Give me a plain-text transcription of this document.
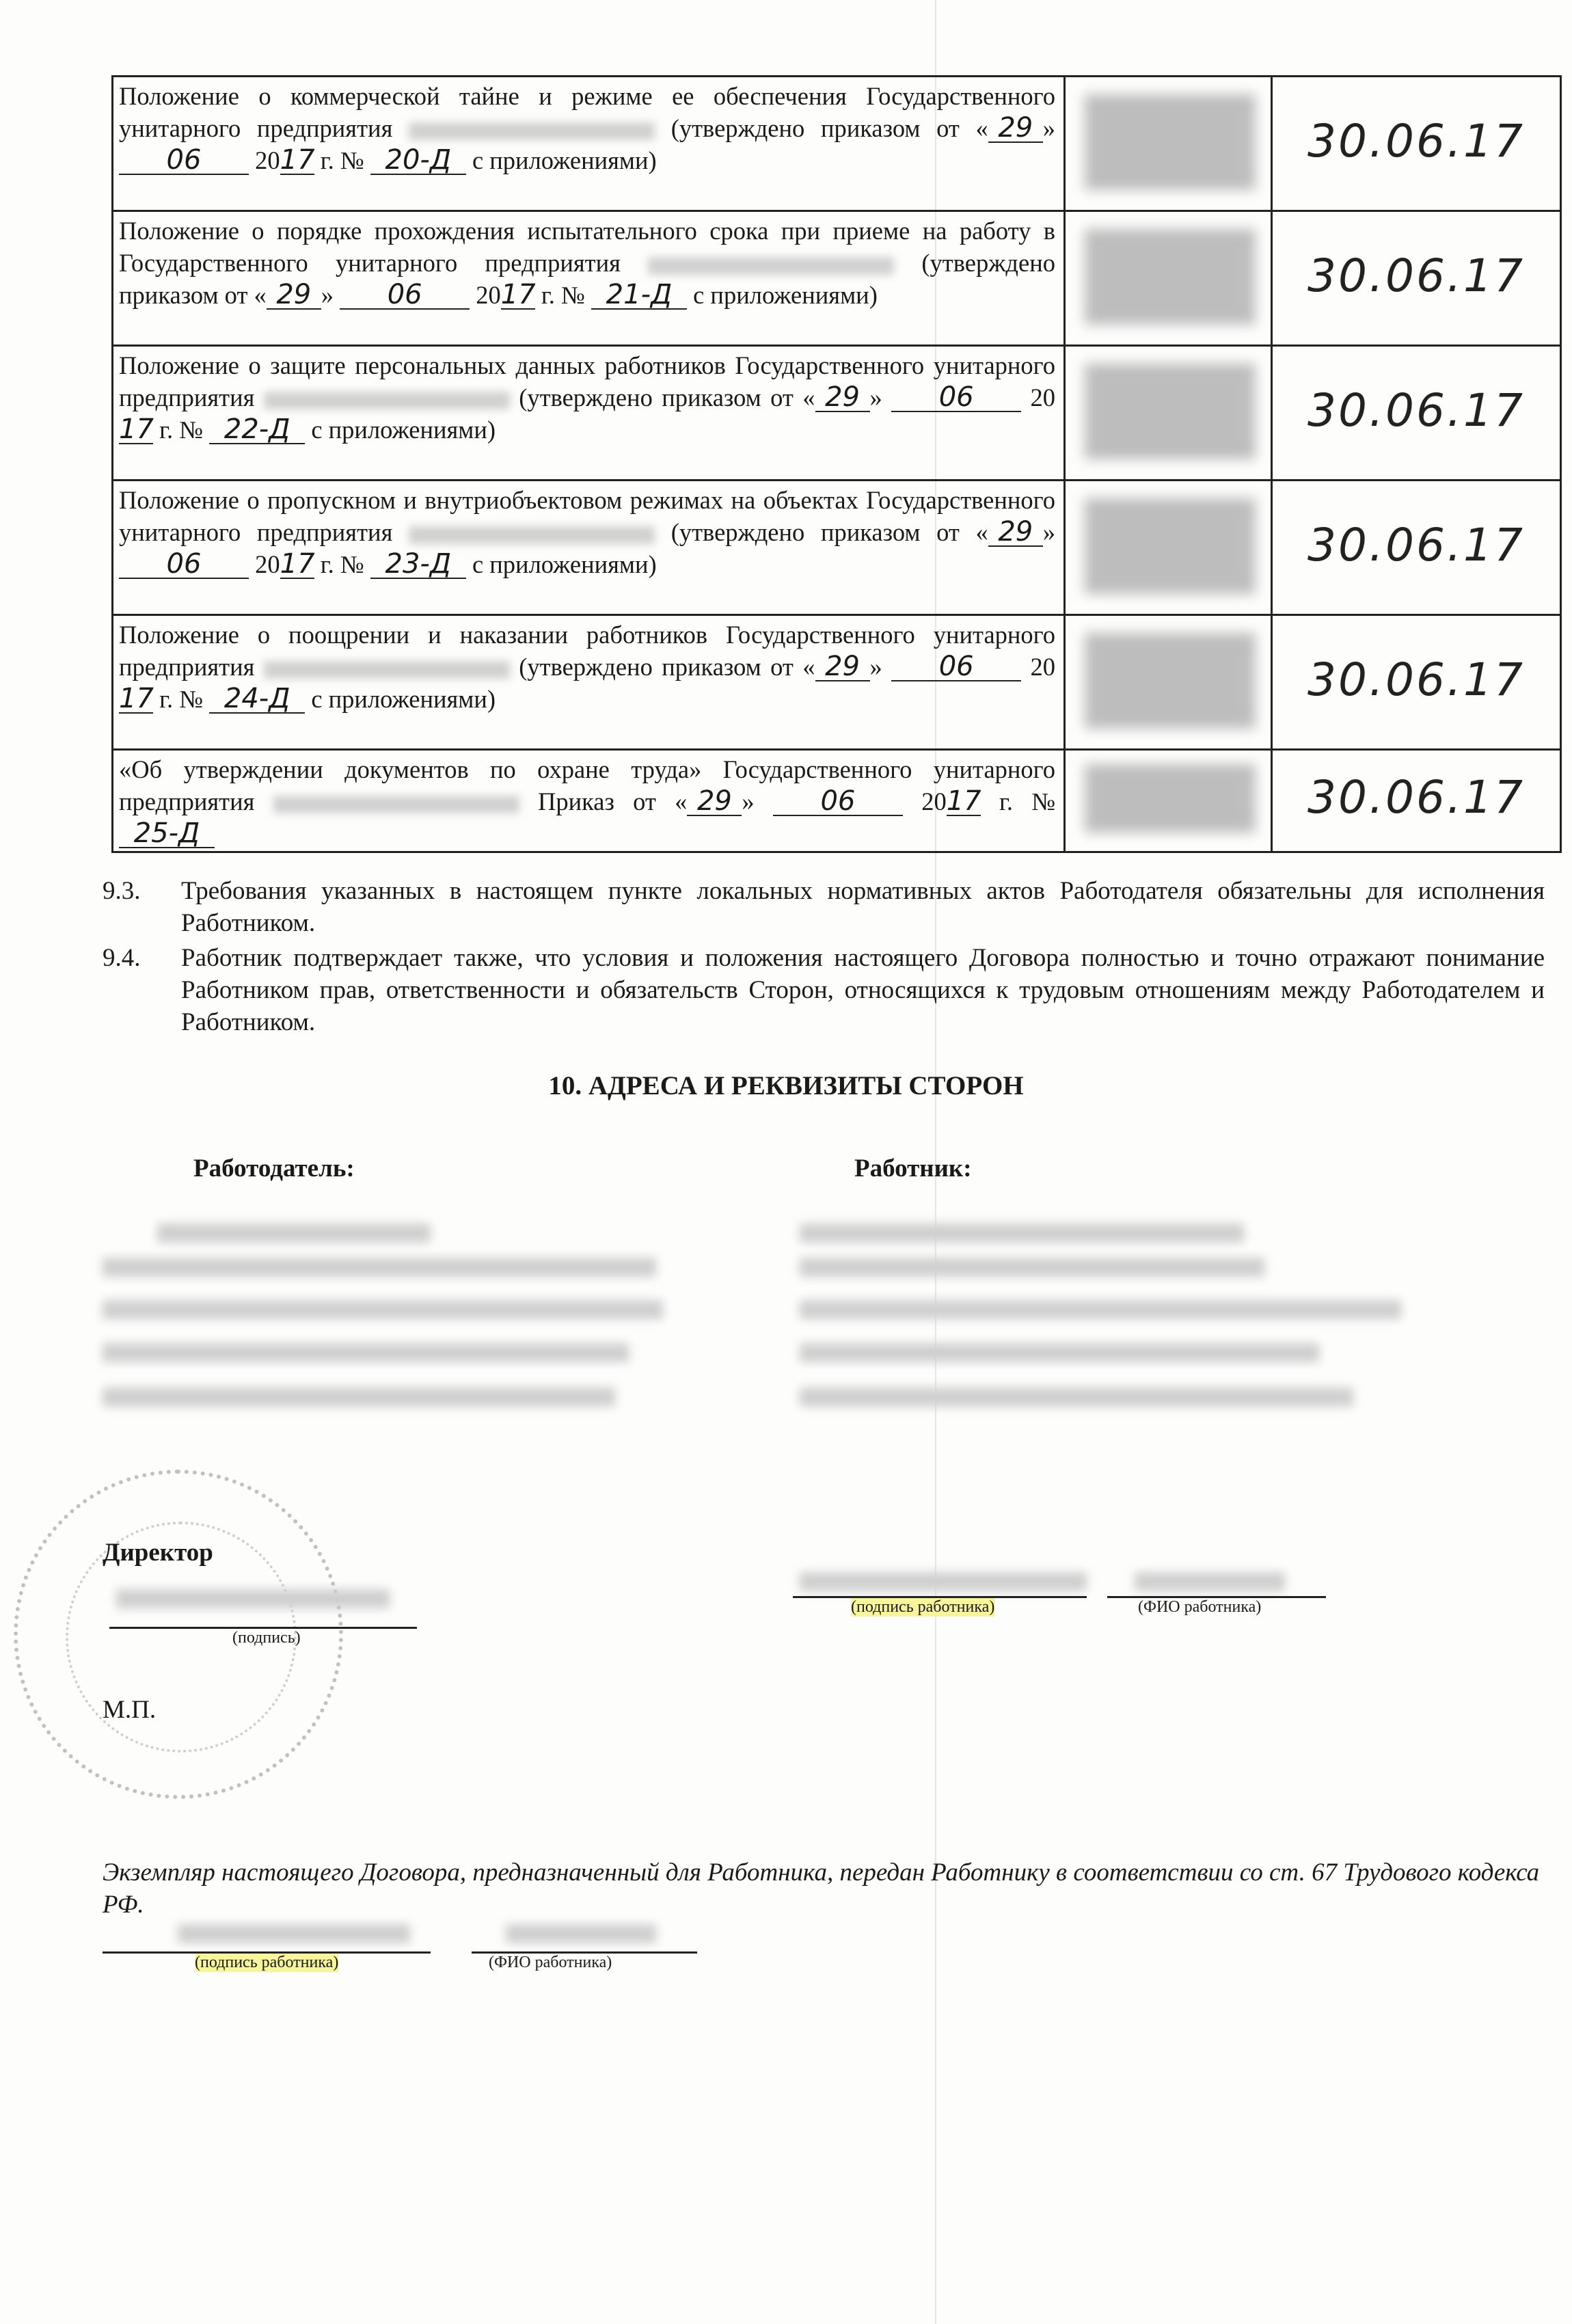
Положение о коммерческой тайне и режиме ее обеспечения Государственного унитарного предприятия (утверждено приказом от « 29 » 06 2017 г. № 20-Д с приложениями)		30.06.17

Положение о порядке прохождения испытательного срока при приеме на работу в Государственного унитарного предприятия (утверждено приказом от « 29 » 06 2017 г. № 21-Д с приложениями)		30.06.17

Положение о защите персональных данных работников Государственного унитарного предприятия (утверждено приказом от « 29 » 06 2017 г. № 22-Д с приложениями)		30.06.17

Положение о пропускном и внутриобъектовом режимах на объектах Государственного унитарного предприятия (утверждено приказом от « 29 » 06 2017 г. № 23-Д с приложениями)		30.06.17

Положение о поощрении и наказании работников Государственного унитарного предприятия (утверждено приказом от « 29 » 06 2017 г. № 24-Д с приложениями)		30.06.17

«Об утверждении документов по охране труда» Государственного унитарного предприятия Приказ от « 29 » 06 2017 г. № 25-Д		30.06.17
9.3. Требования указанных в настоящем пункте локальных нормативных актов Работодателя обязательны для исполнения Работником.
9.4. Работник подтверждает также, что условия и положения настоящего Договора полностью и точно отражают понимание Работником прав, ответственности и обязательств Сторон, относящихся к трудовым отношениям между Работодателем и Работником.
10. АДРЕСА И РЕКВИЗИТЫ СТОРОН
Работодатель:	Работник:
Директор
(подпись)
М.П.
(подпись работника)	(ФИО работника)
Экземпляр настоящего Договора, предназначенный для Работника, передан Работнику в соответствии со ст. 67 Трудового кодекса РФ.
(подпись работника)	(ФИО работника)
